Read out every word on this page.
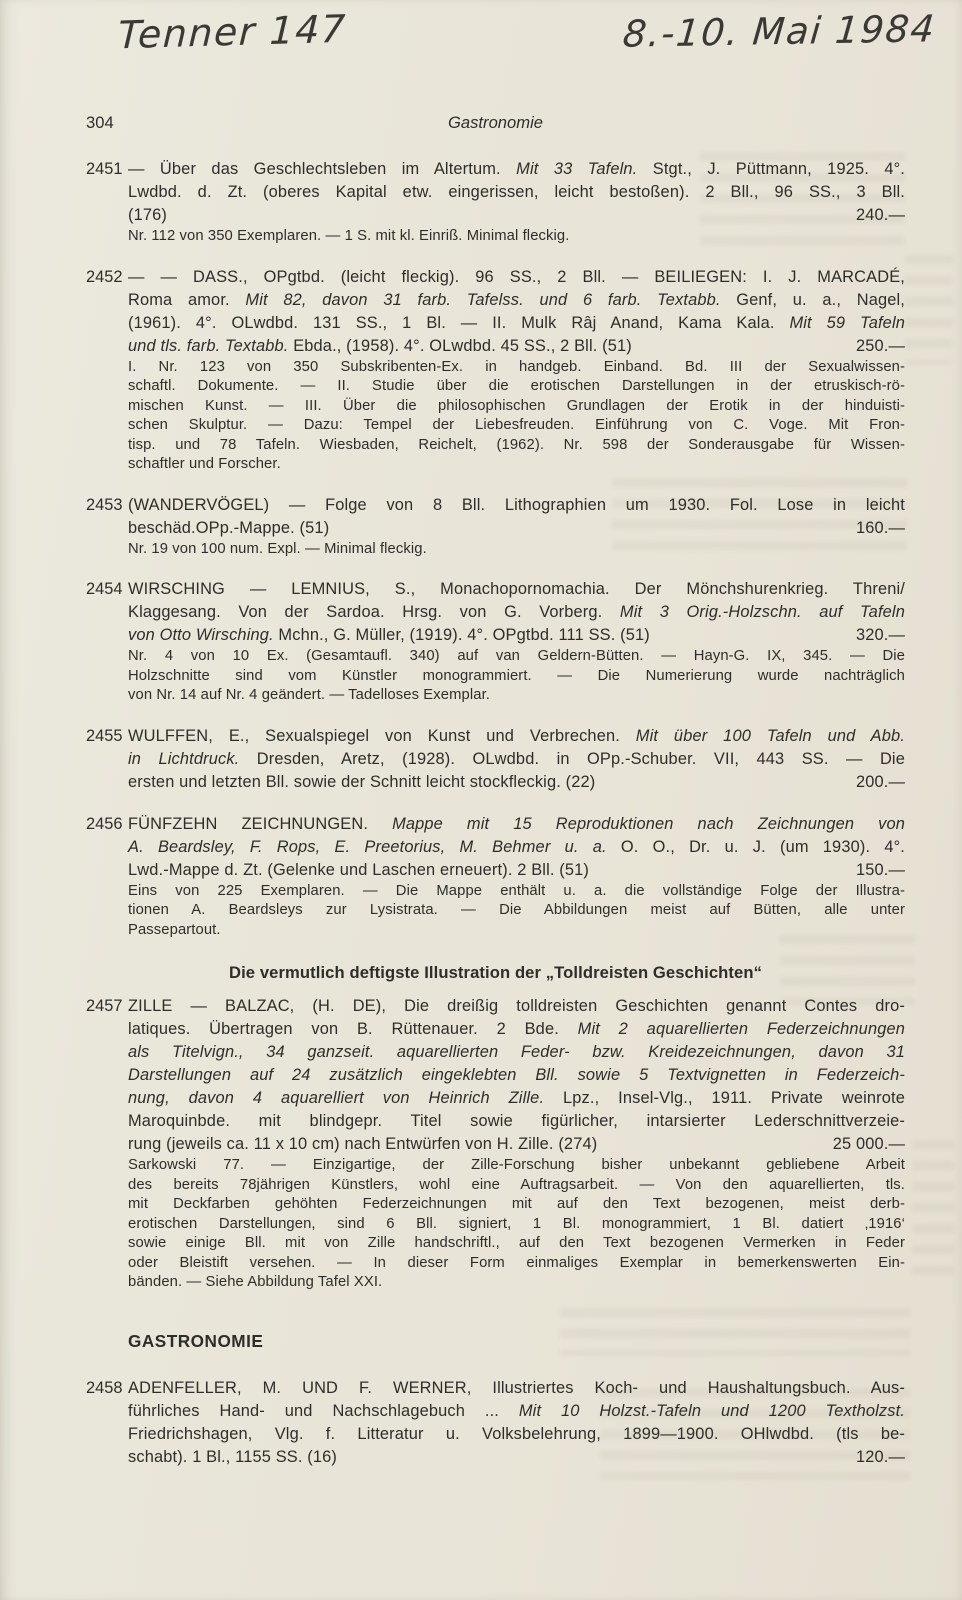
Tenner 147	8.-10. Mai 1984
304	Gastronomie
2451 — Über das Geschlechtsleben im Altertum. Mit 33 Tafeln. Stgt., J. Püttmann, 1925. 4°.
Lwdbd. d. Zt. (oberes Kapital etw. eingerissen, leicht bestoßen). 2 Bll., 96 SS., 3 Bll.
(176)	240.—
Nr. 112 von 350 Exemplaren. — 1 S. mit kl. Einriß. Minimal fleckig.
2452 — — DASS., OPgtbd. (leicht fleckig). 96 SS., 2 Bll. — BEILIEGEN: I. J. MARCADÉ,
Roma amor. Mit 82, davon 31 farb. Tafelss. und 6 farb. Textabb. Genf, u. a., Nagel,
(1961). 4°. OLwdbd. 131 SS., 1 Bl. — II. Mulk Râj Anand, Kama Kala. Mit 59 Tafeln
und tls. farb. Textabb. Ebda., (1958). 4°. OLwdbd. 45 SS., 2 Bll. (51)	250.—
I. Nr. 123 von 350 Subskribenten-Ex. in handgeb. Einband. Bd. III der Sexualwissen-
schaftl. Dokumente. — II. Studie über die erotischen Darstellungen in der etruskisch-rö-
mischen Kunst. — III. Über die philosophischen Grundlagen der Erotik in der hinduisti-
schen Skulptur. — Dazu: Tempel der Liebesfreuden. Einführung von C. Voge. Mit Fron-
tisp. und 78 Tafeln. Wiesbaden, Reichelt, (1962). Nr. 598 der Sonderausgabe für Wissen-
schaftler und Forscher.
2453 (WANDERVÖGEL) — Folge von 8 Bll. Lithographien um 1930. Fol. Lose in leicht
beschäd.OPp.-Mappe. (51)	160.—
Nr. 19 von 100 num. Expl. — Minimal fleckig.
2454 WIRSCHING — LEMNIUS, S., Monachopornomachia. Der Mönchshurenkrieg. Threni/
Klaggesang. Von der Sardoa. Hrsg. von G. Vorberg. Mit 3 Orig.-Holzschn. auf Tafeln
von Otto Wirsching. Mchn., G. Müller, (1919). 4°. OPgtbd. 111 SS. (51)	320.—
Nr. 4 von 10 Ex. (Gesamtaufl. 340) auf van Geldern-Bütten. — Hayn-G. IX, 345. — Die
Holzschnitte sind vom Künstler monogrammiert. — Die Numerierung wurde nachträglich
von Nr. 14 auf Nr. 4 geändert. — Tadelloses Exemplar.
2455 WULFFEN, E., Sexualspiegel von Kunst und Verbrechen. Mit über 100 Tafeln und Abb.
in Lichtdruck. Dresden, Aretz, (1928). OLwdbd. in OPp.-Schuber. VII, 443 SS. — Die
ersten und letzten Bll. sowie der Schnitt leicht stockfleckig. (22)	200.—
2456 FÜNFZEHN ZEICHNUNGEN. Mappe mit 15 Reproduktionen nach Zeichnungen von
A. Beardsley, F. Rops, E. Preetorius, M. Behmer u. a. O. O., Dr. u. J. (um 1930). 4°.
Lwd.-Mappe d. Zt. (Gelenke und Laschen erneuert). 2 Bll. (51)	150.—
Eins von 225 Exemplaren. — Die Mappe enthält u. a. die vollständige Folge der Illustra-
tionen A. Beardsleys zur Lysistrata. — Die Abbildungen meist auf Bütten, alle unter
Passepartout.
Die vermutlich deftigste Illustration der „Tolldreisten Geschichten“
2457 ZILLE — BALZAC, (H. DE), Die dreißig tolldreisten Geschichten genannt Contes dro-
latiques. Übertragen von B. Rüttenauer. 2 Bde. Mit 2 aquarellierten Federzeichnungen
als Titelvign., 34 ganzseit. aquarellierten Feder- bzw. Kreidezeichnungen, davon 31
Darstellungen auf 24 zusätzlich eingeklebten Bll. sowie 5 Textvignetten in Federzeich-
nung, davon 4 aquarelliert von Heinrich Zille. Lpz., Insel-Vlg., 1911. Private weinrote
Maroquinbde. mit blindgepr. Titel sowie figürlicher, intarsierter Lederschnittverzeie-
rung (jeweils ca. 11 x 10 cm) nach Entwürfen von H. Zille. (274)	25 000.—
Sarkowski 77. — Einzigartige, der Zille-Forschung bisher unbekannt gebliebene Arbeit
des bereits 78jährigen Künstlers, wohl eine Auftragsarbeit. — Von den aquarellierten, tls.
mit Deckfarben gehöhten Federzeichnungen mit auf den Text bezogenen, meist derb-
erotischen Darstellungen, sind 6 Bll. signiert, 1 Bl. monogrammiert, 1 Bl. datiert ‚1916‘
sowie einige Bll. mit von Zille handschriftl., auf den Text bezogenen Vermerken in Feder
oder Bleistift versehen. — In dieser Form einmaliges Exemplar in bemerkenswerten Ein-
bänden. — Siehe Abbildung Tafel XXI.
GASTRONOMIE
2458 ADENFELLER, M. UND F. WERNER, Illustriertes Koch- und Haushaltungsbuch. Aus-
führliches Hand- und Nachschlagebuch ... Mit 10 Holzst.-Tafeln und 1200 Textholzst.
Friedrichshagen, Vlg. f. Litteratur u. Volksbelehrung, 1899—1900. OHlwdbd. (tls be-
schabt). 1 Bl., 1155 SS. (16)	120.—
